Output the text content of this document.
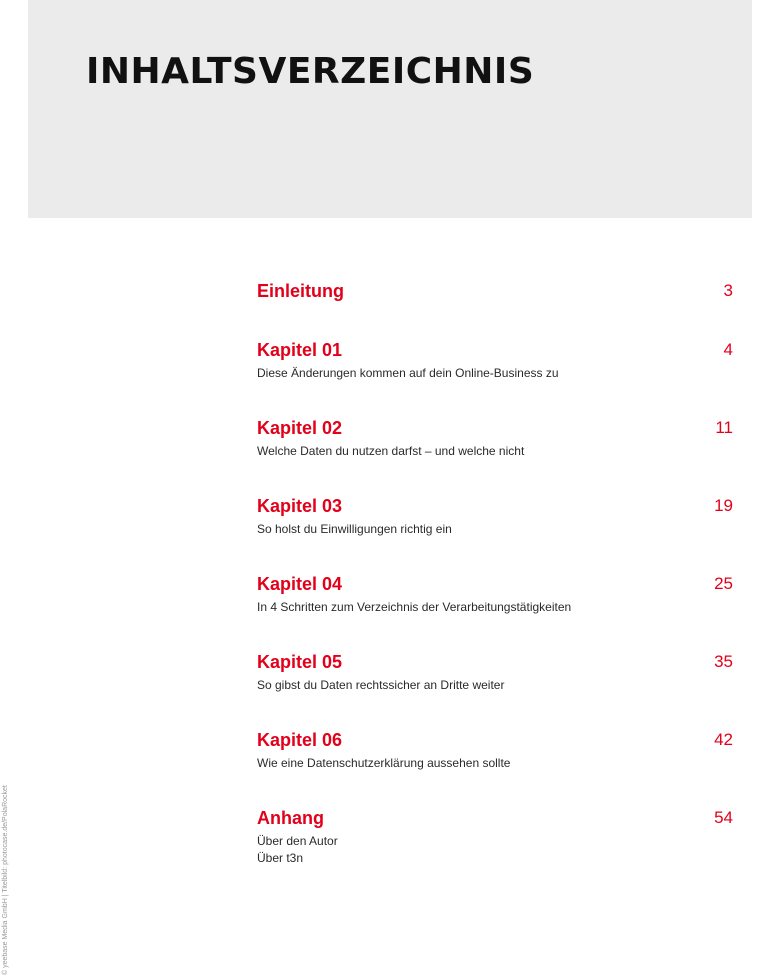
INHALTSVERZEICHNIS
Einleitung	3
Kapitel 01	4
Diese Änderungen kommen auf dein Online-Business zu
Kapitel 02	11
Welche Daten du nutzen darfst – und welche nicht
Kapitel 03	19
So holst du Einwilligungen richtig ein
Kapitel 04	25
In 4 Schritten zum Verzeichnis der Verarbeitungstätigkeiten
Kapitel 05	35
So gibst du Daten rechtssicher an Dritte weiter
Kapitel 06	42
Wie eine Datenschutzerklärung aussehen sollte
Anhang	54
Über den Autor
Über t3n
© yeebase Media GmbH | Titelbild: photocase.de/PolaRocket
